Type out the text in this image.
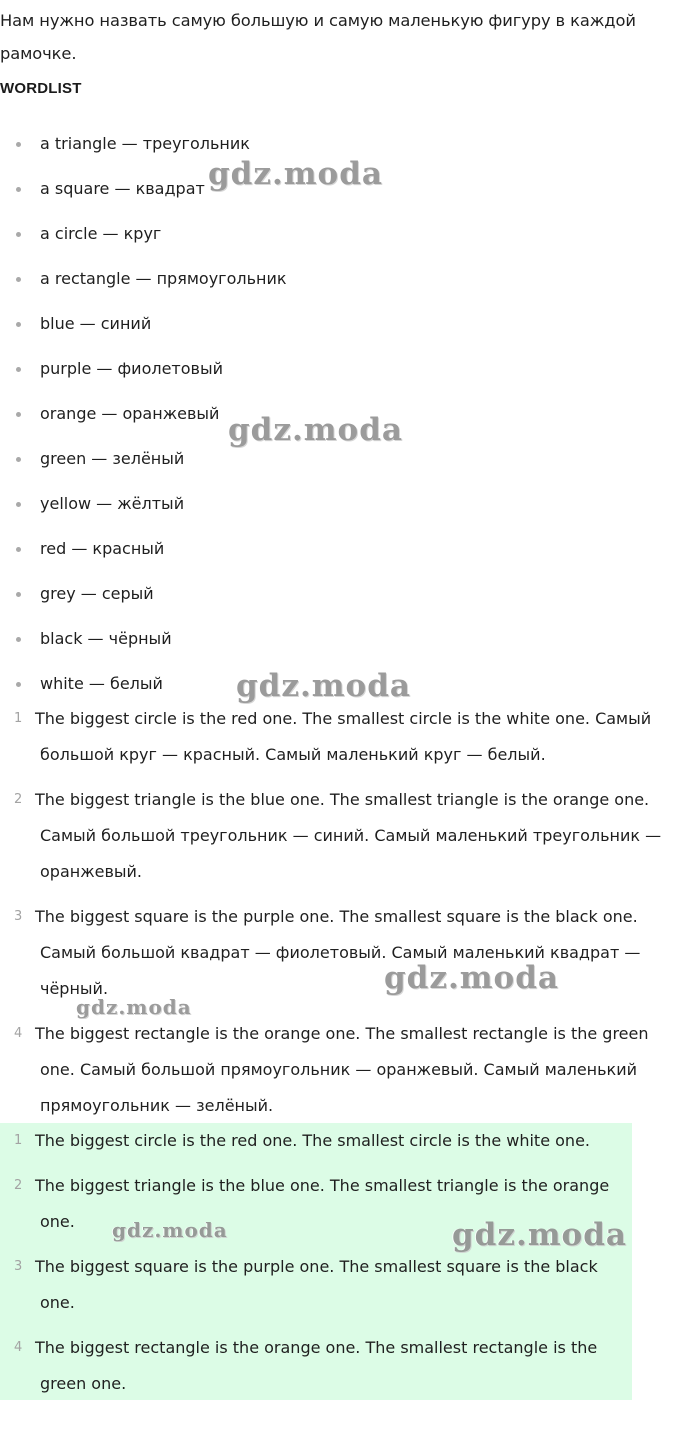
Нам нужно назвать самую большую и самую маленькую фигуру в каждой рамочке.

WORDLIST
a triangle — треугольник
a square — квадрат
a circle — круг
a rectangle — прямоугольник
blue — синий
purple — фиолетовый
orange — оранжевый
green — зелёный
yellow — жёлтый
red — красный
grey — серый
black — чёрный
white — белый
1 The biggest circle is the red one. The smallest circle is the white one. Самый большой круг — красный. Самый маленький круг — белый.
2 The biggest triangle is the blue one. The smallest triangle is the orange one. Самый большой треугольник — синий. Самый маленький треугольник — оранжевый.
3 The biggest square is the purple one. The smallest square is the black one. Самый большой квадрат — фиолетовый. Самый маленький квадрат — чёрный.
4 The biggest rectangle is the orange one. The smallest rectangle is the green one. Самый большой прямоугольник — оранжевый. Самый маленький прямоугольник — зелёный.
1 The biggest circle is the red one. The smallest circle is the white one.
2 The biggest triangle is the blue one. The smallest triangle is the orange one.
3 The biggest square is the purple one. The smallest square is the black one.
4 The biggest rectangle is the orange one. The smallest rectangle is the green one.
gdz.moda
gdz.moda
gdz.moda
gdz.moda
gdz.moda
gdz.moda	gdz.moda
